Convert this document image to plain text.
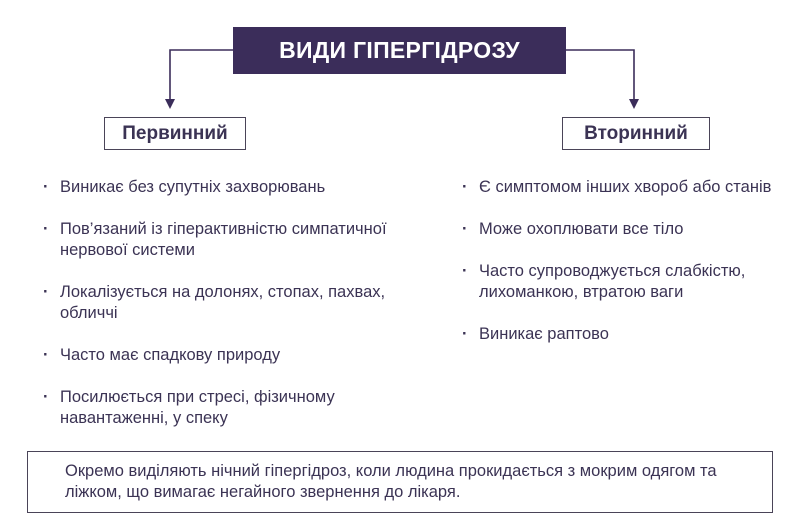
ВИДИ ГІПЕРГІДРОЗУ
Первинний	Вторинний
· Виникає без супутніх захворювань
· Пов’язаний із гіперактивністю симпатичної нервової системи
· Локалізується на долонях, стопах, пахвах, обличчі
· Часто має спадкову природу
· Посилюється при стресі, фізичному навантаженні, у спеку
· Є симптомом інших хвороб або станів
· Може охоплювати все тіло
· Часто супроводжується слабкістю, лихоманкою, втратою ваги
· Виникає раптово

Окремо виділяють нічний гіпергідроз, коли людина прокидається з мокрим одягом та ліжком, що вимагає негайного звернення до лікаря.
